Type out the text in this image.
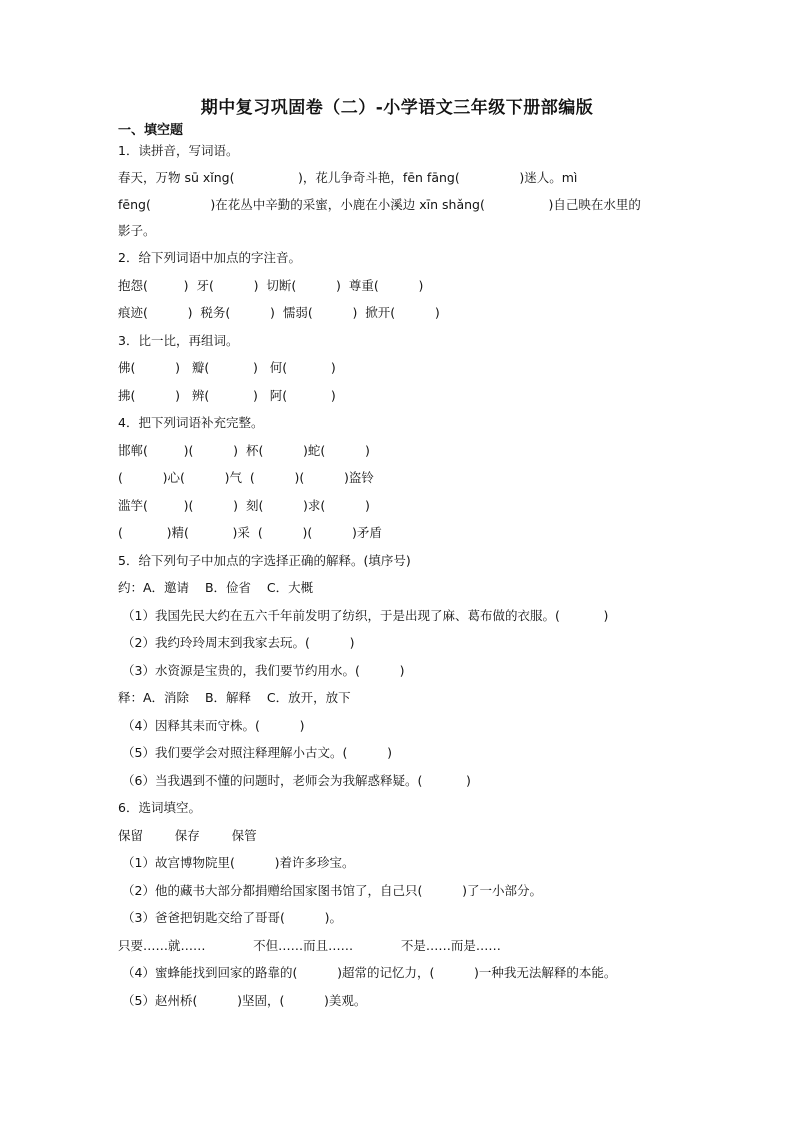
期中复习巩固卷（二）-小学语文三年级下册部编版
一、填空题
1．读拼音，写词语。
春天，万物 sū xǐng(                )，花儿争奇斗艳，fēn fāng(               )迷人。mì
fēng(               )在花丛中辛勤的采蜜，小鹿在小溪边 xīn shǎng(                )自己映在水里的
影子。
2．给下列词语中加点的字注音。
抱怨(         )  牙(          )  切断(          )  尊重(          )
痕迹(          )  税务(          )  懦弱(          )  掀开(          )
3．比一比，再组词。
佛(          )   瓣(           )   何(           )
拂(          )   辨(           )   阿(           )
4．把下列词语补充完整。
邯郸(         )(          )  杯(          )蛇(          )
(          )心(          )气  (          )(          )盗铃
滥竽(         )(          )  刻(          )求(          )
(           )精(           )采  (          )(          )矛盾
5．给下列句子中加点的字选择正确的解释。(填序号)
约：A．邀请    B．俭省    C．大概
（1）我国先民大约在五六千年前发明了纺织，于是出现了麻、葛布做的衣服。(           )
（2）我约玲玲周末到我家去玩。(          )
（3）水资源是宝贵的，我们要节约用水。(          )
释：A．消除    B．解释    C．放开，放下
（4）因释其耒而守株。(          )
（5）我们要学会对照注释理解小古文。(          )
（6）当我遇到不懂的问题时，老师会为我解惑释疑。(           )
6．选词填空。
保留        保存        保管
（1）故宫博物院里(          )着许多珍宝。
（2）他的藏书大部分都捐赠给国家图书馆了，自己只(          )了一小部分。
（3）爸爸把钥匙交给了哥哥(          )。
只要……就……            不但……而且……            不是……而是……
（4）蜜蜂能找到回家的路靠的(          )超常的记忆力，(          )一种我无法解释的本能。
（5）赵州桥(          )坚固，(          )美观。
